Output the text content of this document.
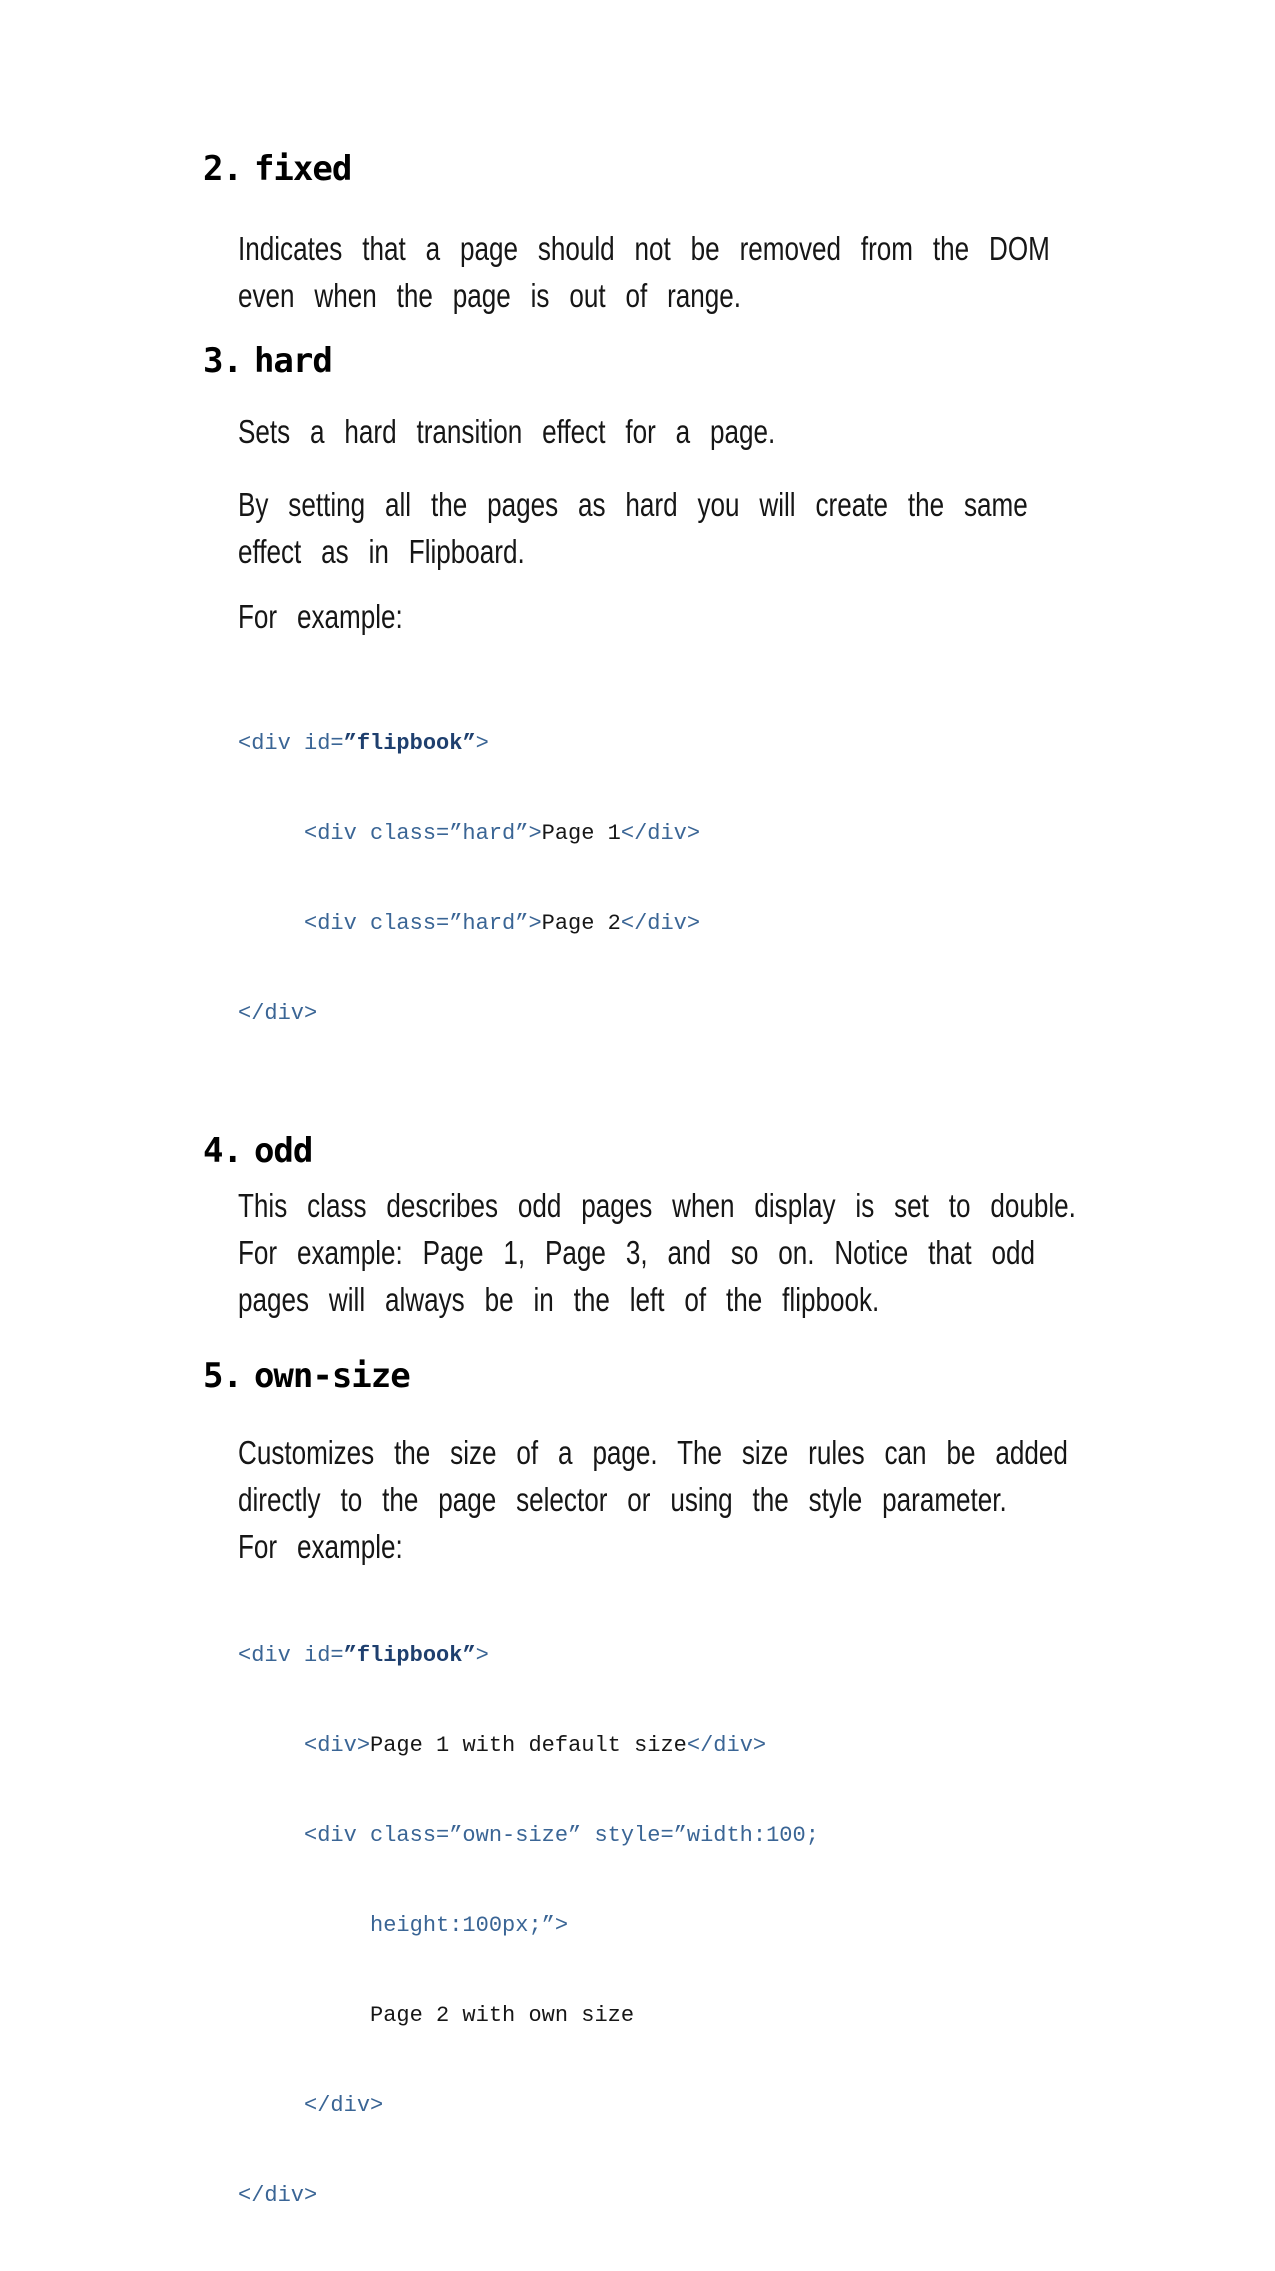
2. fixed
Indicates that a page should not be removed from the DOM
even when the page is out of range.
3. hard
Sets a hard transition effect for a page.
By setting all the pages as hard you will create the same
effect as in Flipboard.
For example:

<div id=”flipbook”>

<div class=”hard”>Page 1</div>

<div class=”hard”>Page 2</div>

</div>

4. odd
This class describes odd pages when display is set to double.
For example: Page 1, Page 3, and so on. Notice that odd
pages will always be in the left of the flipbook.
5. own-size
Customizes the size of a page. The size rules can be added
directly to the page selector or using the style parameter.
For example:

<div id=”flipbook”>

<div>Page 1 with default size</div>

<div class=”own-size” style=”width:100;

height:100px;”>

Page 2 with own size

</div>

</div>
